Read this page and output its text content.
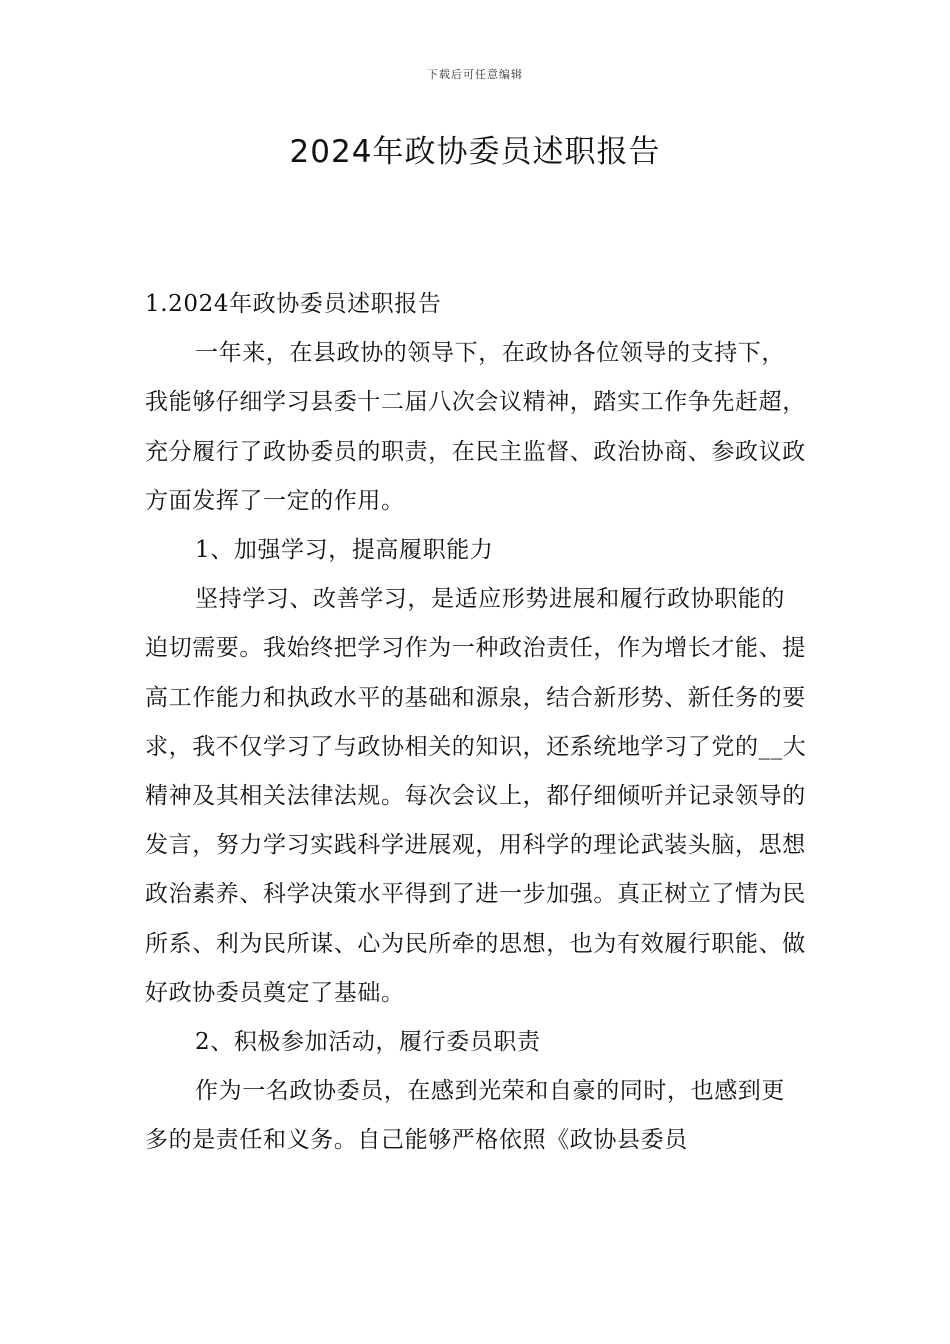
下载后可任意编辑
2024年政协委员述职报告

1.2024年政协委员述职报告

一年来，在县政协的领导下，在政协各位领导的支持下，我能够仔细学习县委十二届八次会议精神，踏实工作争先赶超，充分履行了政协委员的职责，在民主监督、政治协商、参政议政方面发挥了一定的作用。

1、加强学习，提高履职能力

坚持学习、改善学习，是适应形势进展和履行政协职能的迫切需要。我始终把学习作为一种政治责任，作为增长才能、提高工作能力和执政水平的基础和源泉，结合新形势、新任务的要求，我不仅学习了与政协相关的知识，还系统地学习了党的__大精神及其相关法律法规。每次会议上，都仔细倾听并记录领导的发言，努力学习实践科学进展观，用科学的理论武装头脑，思想政治素养、科学决策水平得到了进一步加强。真正树立了情为民所系、利为民所谋、心为民所牵的思想，也为有效履行职能、做好政协委员奠定了基础。

2、积极参加活动，履行委员职责

作为一名政协委员，在感到光荣和自豪的同时，也感到更多的是责任和义务。自己能够严格依照《政协县委员
